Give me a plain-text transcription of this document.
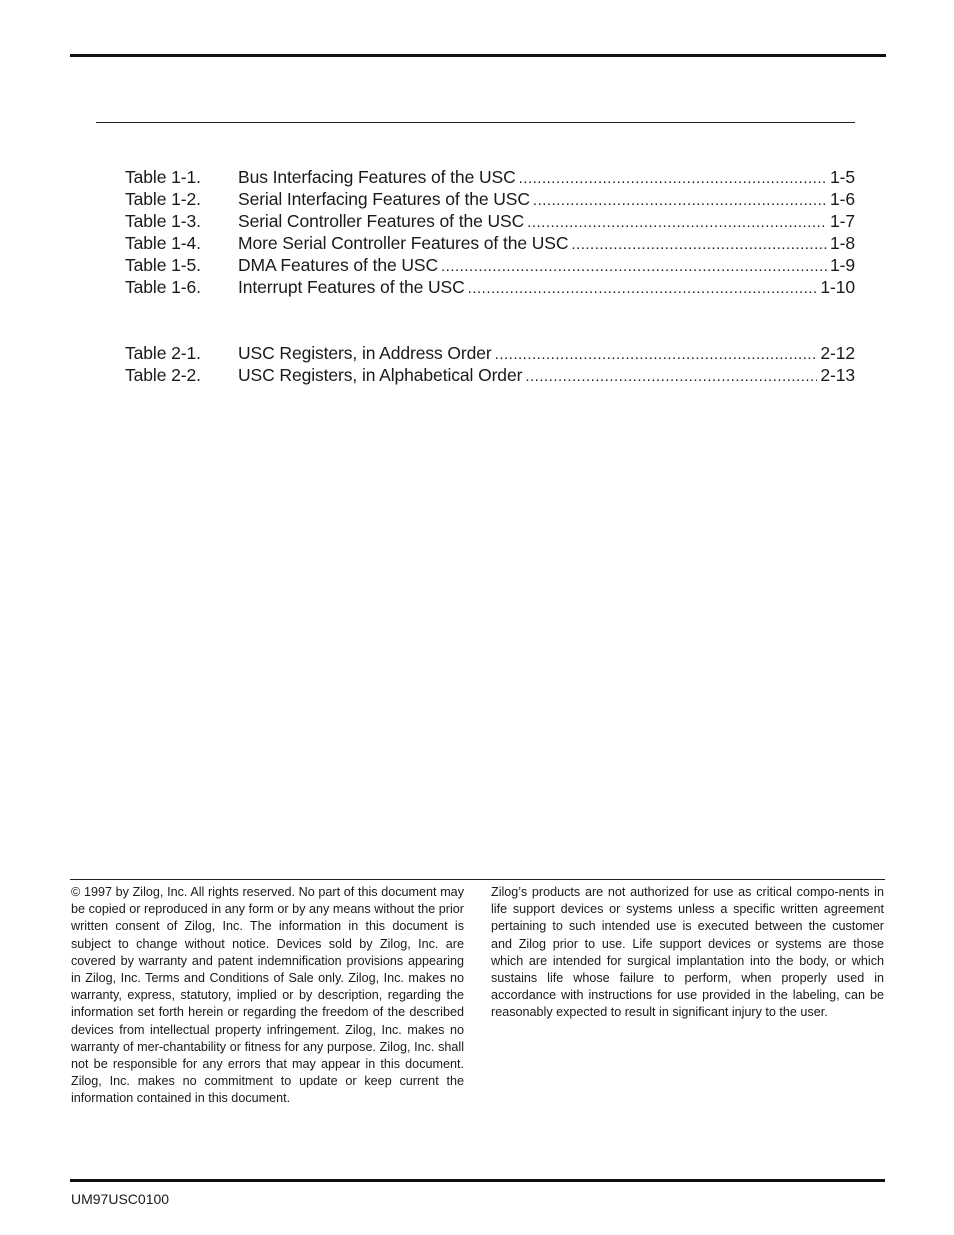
Table 1-1.	Bus Interfacing Features of the USC .....	1-5
Table 1-2.	Serial Interfacing Features of the USC .....	1-6
Table 1-3.	Serial Controller Features of the USC .....	1-7
Table 1-4.	More Serial Controller Features of the USC .....	1-8
Table 1-5.	DMA Features of the USC .....	1-9
Table 1-6.	Interrupt Features of the USC .....	1-10
Table 2-1.	USC Registers, in Address Order .....	2-12
Table 2-2.	USC Registers, in Alphabetical Order .....	2-13

© 1997 by Zilog, Inc. All rights reserved. No part of this document may be copied or reproduced in any form or by any means without the prior written consent of Zilog, Inc. The information in this document is subject to change without notice. Devices sold by Zilog, Inc. are covered by warranty and patent indemnification provisions appearing in Zilog, Inc. Terms and Conditions of Sale only. Zilog, Inc. makes no warranty, express, statutory, implied or by description, regarding the information set forth herein or regarding the freedom of the described devices from intellectual property infringement. Zilog, Inc. makes no warranty of mer-chantability or fitness for any purpose. Zilog, Inc. shall not be responsible for any errors that may appear in this document. Zilog, Inc. makes no commitment to update or keep current the information contained in this document.

Zilog’s products are not authorized for use as critical compo-nents in life support devices or systems unless a specific written agreement pertaining to such intended use is executed between the customer and Zilog prior to use. Life support devices or systems are those which are intended for surgical implantation into the body, or which sustains life whose failure to perform, when properly used in accordance with instructions for use provided in the labeling, can be reasonably expected to result in significant injury to the user.

UM97USC0100
